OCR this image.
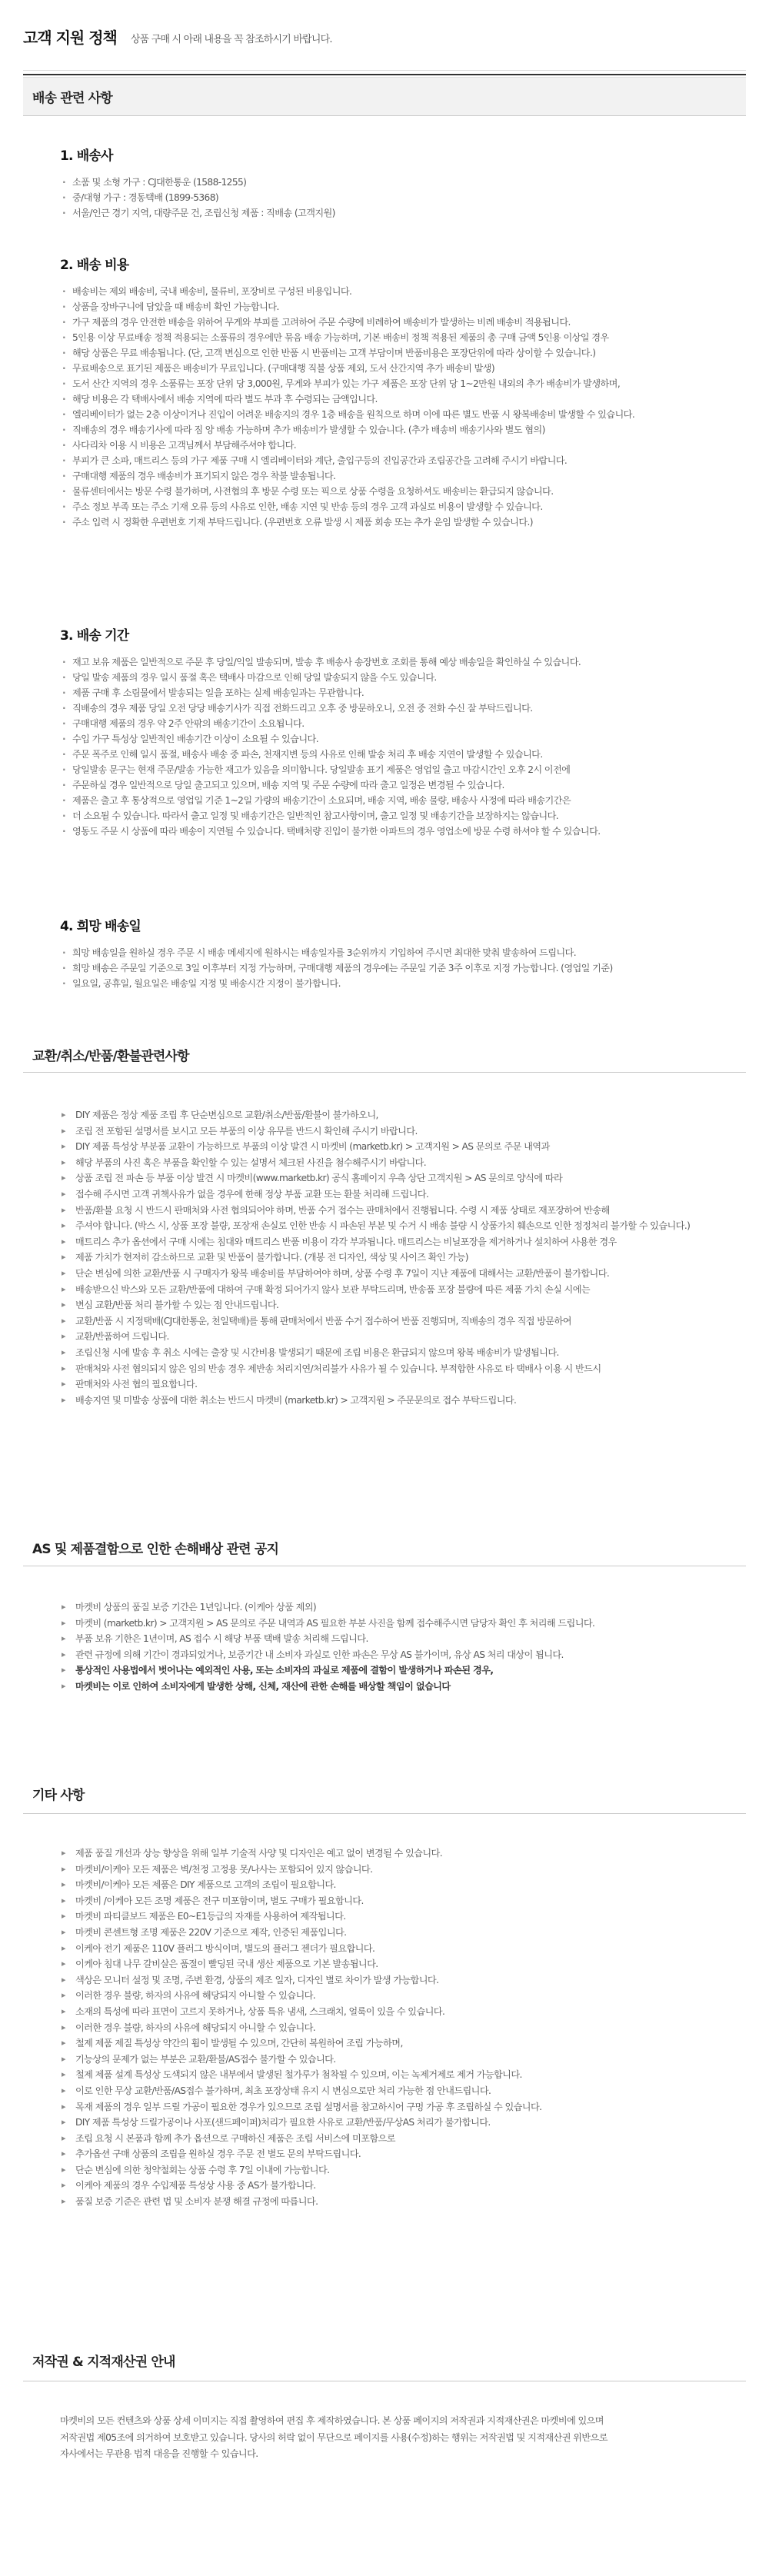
고객 지원 정책 상품 구매 시 아래 내용을 꼭 참조하시기 바랍니다.
배송 관련 사항
1. 배송사
· 소품 및 소형 가구 : CJ대한통운 (1588-1255)
· 중/대형 가구 : 경동택배 (1899-5368)
· 서울/인근 경기 지역, 대량주문 건, 조립신청 제품 : 직배송 (고객지원)
2. 배송 비용
· 배송비는 제외 배송비, 국내 배송비, 물류비, 포장비로 구성된 비용입니다.
· 상품을 장바구니에 담았을 때 배송비 확인 가능합니다.
· 가구 제품의 경우 안전한 배송을 위하여 무게와 부피를 고려하여 주문 수량에 비례하여 배송비가 발생하는 비례 배송비 적용됩니다.
· 5인용 이상 무료배송 정책 적용되는 소품류의 경우에만 묶음 배송 가능하며, 기본 배송비 정책 적용된 제품의 총 구매 금액 5인용 이상일 경우
· 해당 상품은 무료 배송됩니다. (단, 고객 변심으로 인한 반품 시 반품비는 고객 부담이며 반품비용은 포장단위에 따라 상이할 수 있습니다.)
· 무료배송으로 표기된 제품은 배송비가 무료입니다. (구매대행 직불 상품 제외, 도서 산간지역 추가 배송비 발생)
· 도서 산간 지역의 경우 소품류는 포장 단위 당 3,000원, 무게와 부피가 있는 가구 제품은 포장 단위 당 1~2만원 내외의 추가 배송비가 발생하며,
· 해당 비용은 각 택배사에서 배송 지역에 따라 별도 부과 후 수령되는 금액입니다.
· 엘리베이터가 없는 2층 이상이거나 진입이 어려운 배송지의 경우 1층 배송을 원칙으로 하며 이에 따른 별도 반품 시 왕복배송비 발생할 수 있습니다.
· 직배송의 경우 배송기사에 따라 짐 양 배송 가능하며 추가 배송비가 발생할 수 있습니다. (추가 배송비 배송기사와 별도 협의)
· 사다리차 이용 시 비용은 고객님께서 부담해주셔야 합니다.
· 부피가 큰 소파, 매트리스 등의 가구 제품 구매 시 엘리베이터와 계단, 출입구등의 진입공간과 조립공간을 고려해 주시기 바랍니다.
· 구매대행 제품의 경우 배송비가 표기되지 않은 경우 착불 발송됩니다.
· 물류센터에서는 방문 수령 불가하며, 사전협의 후 방문 수령 또는 픽으로 상품 수령을 요청하셔도 배송비는 환급되지 않습니다.
· 주소 정보 부족 또는 주소 기재 오류 등의 사유로 인한, 배송 지연 및 반송 등의 경우 고객 과실로 비용이 발생할 수 있습니다.
· 주소 입력 시 정확한 우편번호 기재 부탁드립니다. (우편번호 오류 발생 시 제품 회송 또는 추가 운임 발생할 수 있습니다.)
3. 배송 기간
· 재고 보유 제품은 일반적으로 주문 후 당일/익일 발송되며, 발송 후 배송사 송장번호 조회를 통해 예상 배송일을 확인하실 수 있습니다.
· 당일 발송 제품의 경우 일시 품절 혹은 택배사 마감으로 인해 당일 발송되지 않을 수도 있습니다.
· 제품 구매 후 소림물에서 발송되는 일을 포하는 실제 배송일과는 무관합니다.
· 직배송의 경우 제품 당일 오전 당당 배송기사가 직접 전화드리고 오후 중 방문하오니, 오전 중 전화 수신 잘 부탁드립니다.
· 구매대행 제품의 경우 약 2주 안팎의 배송기간이 소요됩니다.
· 수입 가구 특성상 일반적인 배송기간 이상이 소요될 수 있습니다.
· 주문 폭주로 인해 일시 품절, 배송사 배송 중 파손, 천재지변 등의 사유로 인해 발송 처리 후 배송 지연이 발생할 수 있습니다.
· 당일발송 문구는 현재 주문/발송 가능한 재고가 있음을 의미합니다. 당일발송 표기 제품은 영업일 출고 마감시간인 오후 2시 이전에
· 주문하실 경우 일반적으로 당일 출고되고 있으며, 배송 지역 및 주문 수량에 따라 출고 일정은 변경될 수 있습니다.
· 제품은 출고 후 통상적으로 영업일 기준 1~2일 가량의 배송기간이 소요되며, 배송 지역, 배송 물량, 배송사 사정에 따라 배송기간은
· 더 소요될 수 있습니다. 따라서 출고 일정 및 배송기간은 일반적인 참고사항이며, 출고 일정 및 배송기간을 보장하지는 않습니다.
· 영동도 주문 시 상품에 따라 배송이 지연될 수 있습니다. 택배처량 진입이 불가한 아파트의 경우 영업소에 방문 수령 하셔야 할 수 있습니다.
4. 희망 배송일
· 희망 배송일을 원하실 경우 주문 시 배송 메세지에 원하시는 배송일자를 3순위까지 기입하여 주시면 최대한 맞춰 발송하여 드립니다.
· 희망 배송은 주문일 기준으로 3일 이후부터 지정 가능하며, 구매대행 제품의 경우에는 주문일 기준 3주 이후로 지정 가능합니다. (영업일 기준)
· 일요일, 공휴일, 월요일은 배송일 지정 및 배송시간 지정이 불가합니다.
교환/취소/반품/환불관련사항
▸ DIY 제품은 정상 제품 조립 후 단순변심으로 교환/취소/반품/환불이 불가하오니,
▸ 조립 전 포함된 설명서를 보시고 모든 부품의 이상 유무를 반드시 확인해 주시기 바랍니다.
▸ DIY 제품 특성상 부분품 교환이 가능하므로 부품의 이상 발견 시 마켓비 (marketb.kr) > 고객지원 > AS 문의로 주문 내역과
▸ 해당 부품의 사진 혹은 부품을 확인할 수 있는 설명서 체크된 사진을 첨수해주시기 바랍니다.
▸ 상품 조립 전 파손 등 부품 이상 발견 시 마켓비(www.marketb.kr) 공식 홈페이지 우측 상단 고객지원 > AS 문의로 양식에 따라
▸ 접수해 주시면 고객 귀책사유가 없을 경우에 한해 정상 부품 교환 또는 환불 처리해 드립니다.
▸ 반품/환불 요청 시 반드시 판매처와 사전 협의되어야 하며, 반품 수거 접수는 판매처에서 진행됩니다. 수령 시 제품 상태로 재포장하여 반송해
▸ 주셔야 합니다. (박스 시, 상품 포장 불량, 포장재 손실로 인한 반송 시 파손된 부분 및 수거 시 배송 불량 시 상품가치 훼손으로 인한 정정처리 불가할 수 있습니다.)
▸ 매트리스 추가 옵션에서 구매 시에는 침대와 매트리스 반품 비용이 각각 부과됩니다. 매트리스는 비닐포장을 제거하거나 설치하여 사용한 경우
▸ 제품 가치가 현저히 감소하므로 교환 및 반품이 불가합니다. (개봉 전 디자인, 색상 및 사이즈 확인 가능)
▸ 단순 변심에 의한 교환/반품 시 구매자가 왕복 배송비를 부담하여야 하며, 상품 수령 후 7일이 지난 제품에 대해서는 교환/반품이 불가합니다.
▸ 배송받으신 박스와 모든 교환/반품에 대하여 구매 확정 되어가지 않사 보관 부탁드리며, 반송품 포장 불량에 따른 제품 가치 손실 시에는
▸ 변심 교환/반품 처리 불가할 수 있는 점 안내드립니다.
▸ 교환/반품 시 지정택배(CJ대한통운, 천일택배)를 통해 판매처에서 반품 수거 접수하여 반품 진행되며, 직배송의 경우 직접 방문하여
▸ 교환/반품하여 드립니다.
▸ 조립신청 시에 발송 후 취소 시에는 출장 및 시간비용 발생되기 때문에 조립 비용은 환급되지 않으며 왕복 배송비가 발생됩니다.
▸ 판매처와 사전 협의되지 않은 임의 반송 경우 제반송 처리지연/처리불가 사유가 될 수 있습니다. 부적합한 사유로 타 택배사 이용 시 반드시
▸ 판매처와 사전 협의 필요합니다.
▸ 배송지연 및 미발송 상품에 대한 취소는 반드시 마켓비 (marketb.kr) > 고객지원 > 주문문의로 접수 부탁드립니다.
AS 및 제품결함으로 인한 손해배상 관련 공지
▸ 마켓비 상품의 품질 보증 기간은 1년입니다. (이케아 상품 제외)
▸ 마켓비 (marketb.kr) > 고객지원 > AS 문의로 주문 내역과 AS 필요한 부분 사진을 함께 접수해주시면 담당자 확인 후 처리해 드립니다.
▸ 부품 보유 기한은 1년이며, AS 접수 시 해당 부품 택배 발송 처리해 드립니다.
▸ 관련 규정에 의해 기간이 경과되었거나, 보증기간 내 소비자 과실로 인한 파손은 무상 AS 불가이며, 유상 AS 처리 대상이 됩니다.
▸ 통상적인 사용법에서 벗어나는 예외적인 사용, 또는 소비자의 과실로 제품에 결함이 발생하거나 파손된 경우,
▸ 마켓비는 이로 인하여 소비자에게 발생한 상해, 신체, 재산에 관한 손해를 배상할 책임이 없습니다
기타 사항
▸ 제품 품질 개선과 상능 향상을 위해 일부 기술적 사양 및 디자인은 예고 없이 변경될 수 있습니다.
▸ 마켓비/이케아 모든 제품은 벽/천정 고정용 못/나사는 포함되어 있지 않습니다.
▸ 마켓비/이케아 모든 제품은 DIY 제품으로 고객의 조립이 필요합니다.
▸ 마켓비 /이케아 모든 조명 제품은 전구 미포함이며, 별도 구매가 필요합니다.
▸ 마켓비 파티클보드 제품은 E0~E1등급의 자재를 사용하여 제작됩니다.
▸ 마켓비 콘센트형 조명 제품은 220V 기준으로 제작, 인증된 제품입니다.
▸ 이케아 전기 제품은 110V 플러그 방식이며, 별도의 플러그 젠더가 필요합니다.
▸ 이케아 침대 나무 갈비살은 품절이 빨딩된 국내 생산 제품으로 기본 발송됩니다.
▸ 색상은 모니터 설정 및 조명, 주변 환경, 상품의 제조 일자, 디자인 별로 차이가 발생 가능합니다.
▸ 이러한 경우 불량, 하자의 사유에 해당되지 아니할 수 있습니다.
▸ 소재의 특성에 따라 표면이 고르지 못하거나, 상품 특유 냄새, 스크래치, 얼룩이 있을 수 있습니다.
▸ 이러한 경우 불량, 하자의 사유에 해당되지 아니할 수 있습니다.
▸ 철제 제품 제질 특성상 약간의 휨이 발생될 수 있으며, 간단히 복원하여 조립 가능하며,
▸ 기능상의 문제가 없는 부분은 교환/환불/AS접수 불가할 수 있습니다.
▸ 철제 제품 설계 특성상 도색되지 않은 내부에서 발생된 철가루가 첨착될 수 있으며, 이는 녹제거제로 제거 가능합니다.
▸ 이로 인한 무상 교환/반품/AS접수 불가하며, 최초 포장상태 유지 시 변심으로만 처리 가능한 점 안내드립니다.
▸ 목재 제품의 경우 일부 드릴 가공이 필요한 경우가 있으므로 조립 설명서를 참고하시어 구멍 가공 후 조립하실 수 있습니다.
▸ DIY 제품 특성상 드릴가공이나 사포(샌드페이퍼)처리가 필요한 사유로 교환/반품/무상AS 처리가 불가합니다.
▸ 조립 요청 시 본품과 함께 추가 옵션으로 구매하신 제품은 조립 서비스에 미포함으로
▸ 추가옵션 구매 상품의 조립을 원하실 경우 주문 전 별도 문의 부탁드립니다.
▸ 단순 변심에 의한 청약철회는 상품 수령 후 7일 이내에 가능합니다.
▸ 이케아 제품의 경우 수입제품 특성상 사용 중 AS가 불가합니다.
▸ 품질 보증 기준은 관련 법 및 소비자 분쟁 해결 규정에 따릅니다.
저작권 & 지적재산권 안내
마켓비의 모든 컨텐츠와 상품 상세 이미지는 직접 촬영하여 편집 후 제작하였습니다. 본 상품 페이지의 저작권과 지적재산권은 마켓비에 있으며
저작권법 제05조에 의거하여 보호받고 있습니다. 당사의 허락 없이 무단으로 페이지를 사용(수정)하는 행위는 저작권법 및 지적재산권 위반으로
자사에서는 무관용 법적 대응을 진행할 수 있습니다.
